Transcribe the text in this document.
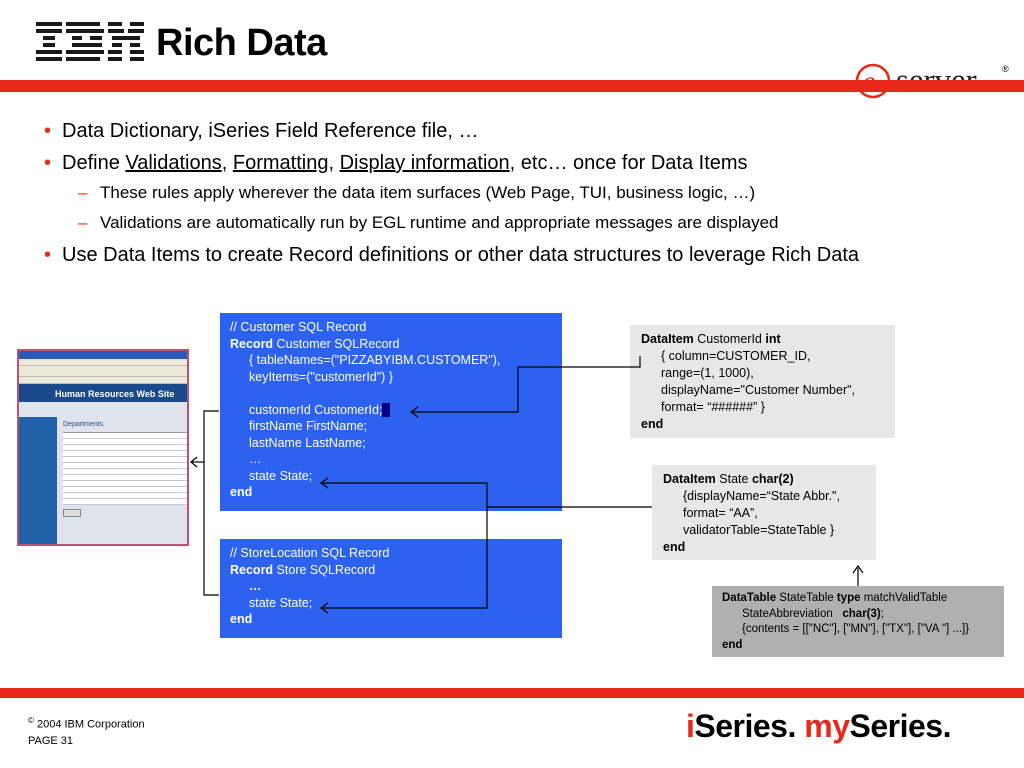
Rich Data
®
• Data Dictionary, iSeries Field Reference file, …
• Define Validations, Formatting, Display information, etc… once for Data Items
– These rules apply wherever the data item surfaces (Web Page, TUI, business logic, …)
– Validations are automatically run by EGL runtime and appropriate messages are displayed
• Use Data Items to create Record definitions or other data structures to leverage Rich Data
Human Resources Web Site
Departments
// Customer SQL Record
Record Customer SQLRecord
{ tableNames=("PIZZABYIBM.CUSTOMER"),
keyItems=("customerId") }

customerId CustomerId;
firstName FirstName;
lastName LastName;
…
state State;
end
// StoreLocation SQL Record
Record Store SQLRecord
…
state State;
end
DataItem CustomerId int
{ column=CUSTOMER_ID,
range=(1, 1000),
displayName="Customer Number",
format= “######” }
end
DataItem State char(2)
{displayName=“State Abbr.",
format= “AA”,
validatorTable=StateTable }
end
DataTable StateTable type matchValidTable
StateAbbreviation   char(3);
{contents = [["NC"], ["MN"], ["TX"], ["VA "] ...]}
end
© 2004 IBM Corporation
PAGE 31	iSeries. mySeries.
